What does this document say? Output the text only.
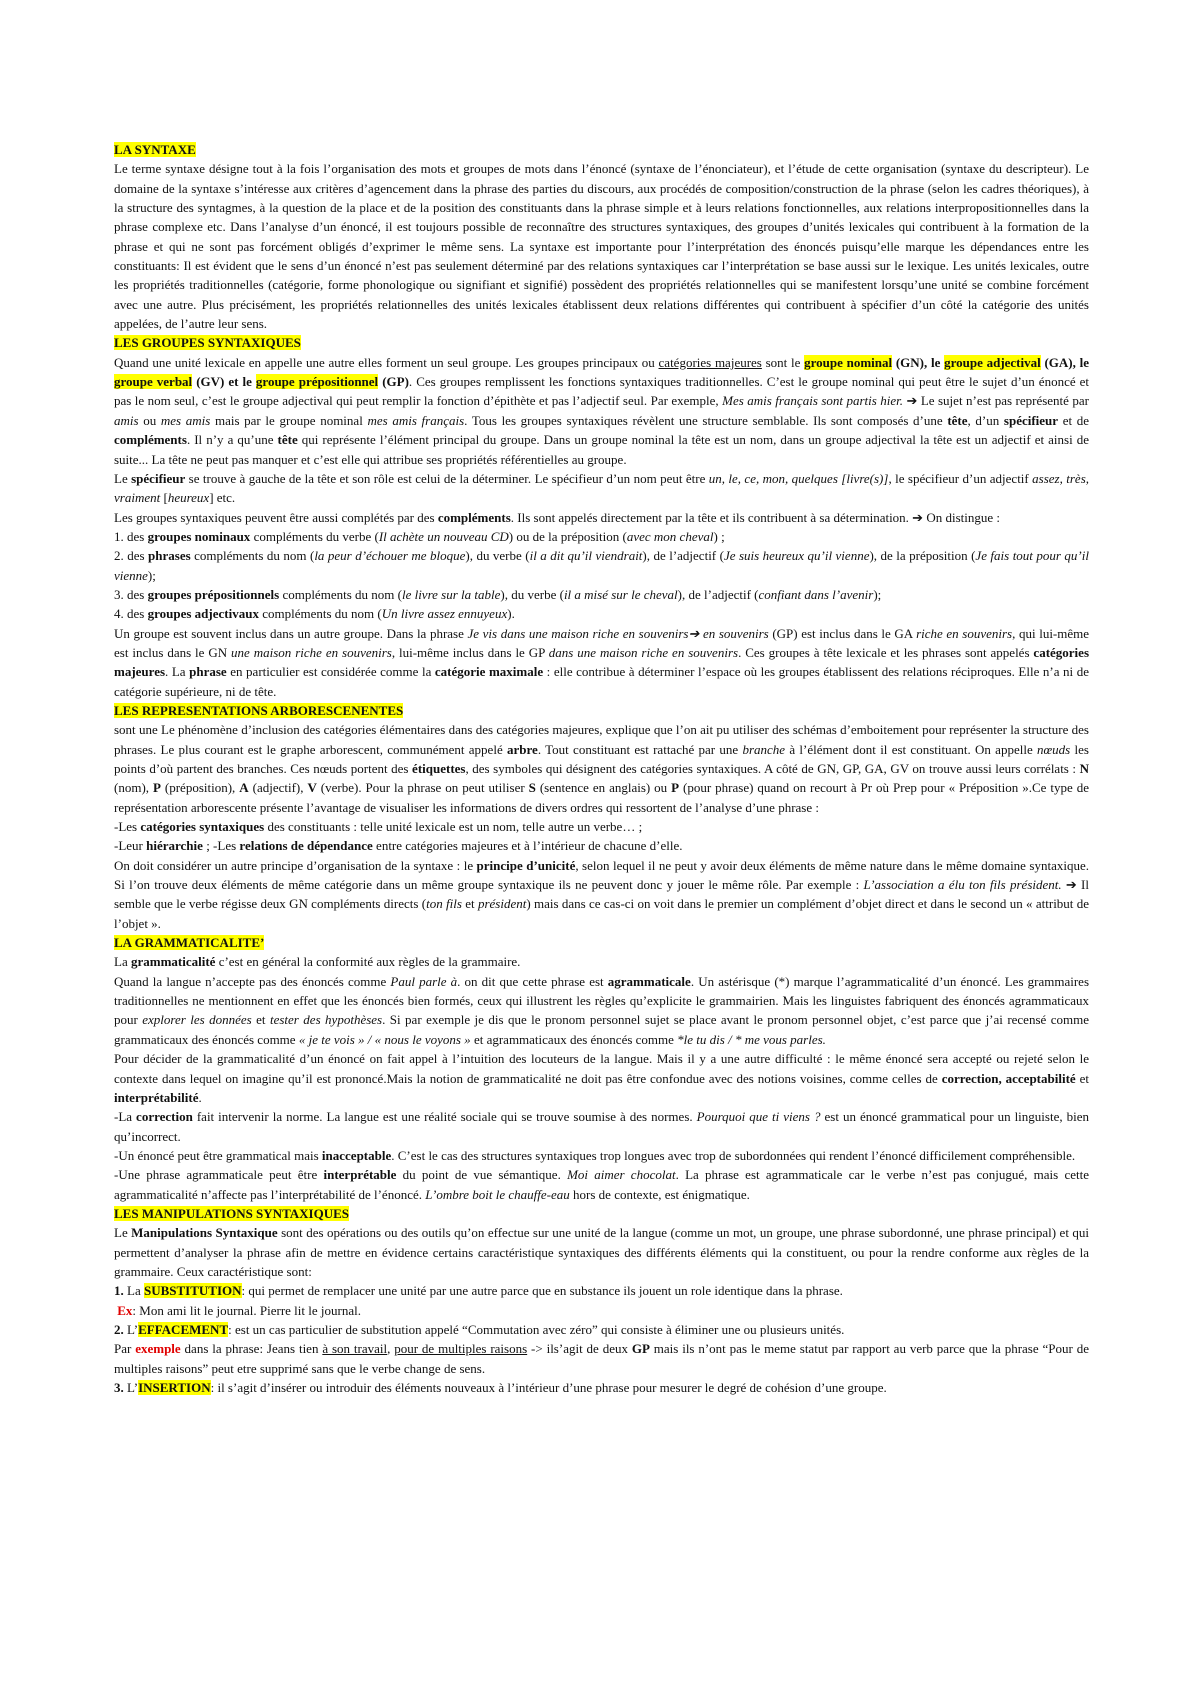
LA SYNTAXE

Le terme syntaxe désigne tout à la fois l’organisation des mots et groupes de mots dans l’énoncé (syntaxe de l’énonciateur), et l’étude de cette organisation (syntaxe du descripteur). Le domaine de la syntaxe s’intéresse aux critères d’agencement dans la phrase des parties du discours, aux procédés de composition/construction de la phrase (selon les cadres théoriques), à la structure des syntagmes, à la question de la place et de la position des constituants dans la phrase simple et à leurs relations fonctionnelles, aux relations interpropositionnelles dans la phrase complexe etc. Dans l’analyse d’un énoncé, il est toujours possible de reconnaître des structures syntaxiques, des groupes d’unités lexicales qui contribuent à la formation de la phrase et qui ne sont pas forcément obligés d’exprimer le même sens. La syntaxe est importante pour l’interprétation des énoncés puisqu’elle marque les dépendances entre les constituants: Il est évident que le sens d’un énoncé n’est pas seulement déterminé par des relations syntaxiques car l’interprétation se base aussi sur le lexique. Les unités lexicales, outre les propriétés traditionnelles (catégorie, forme phonologique ou signifiant et signifié) possèdent des propriétés relationnelles qui se manifestent lorsqu’une unité se combine forcément avec une autre. Plus précisément, les propriétés relationnelles des unités lexicales établissent deux relations différentes qui contribuent à spécifier d’un côté la catégorie des unités appelées, de l’autre leur sens.

LES GROUPES SYNTAXIQUES

Quand une unité lexicale en appelle une autre elles forment un seul groupe. Les groupes principaux ou catégories majeures sont le groupe nominal (GN), le groupe adjectival (GA), le groupe verbal (GV) et le groupe prépositionnel (GP). Ces groupes remplissent les fonctions syntaxiques traditionnelles. C’est le groupe nominal qui peut être le sujet d’un énoncé et pas le nom seul, c’est le groupe adjectival qui peut remplir la fonction d’épithète et pas l’adjectif seul. Par exemple, Mes amis français sont partis hier. ➔ Le sujet n’est pas représenté par amis ou mes amis mais par le groupe nominal mes amis français. Tous les groupes syntaxiques révèlent une structure semblable. Ils sont composés d’une tête, d’un spécifieur et de compléments. Il n’y a qu’une tête qui représente l’élément principal du groupe. Dans un groupe nominal la tête est un nom, dans un groupe adjectival la tête est un adjectif et ainsi de suite... La tête ne peut pas manquer et c’est elle qui attribue ses propriétés référentielles au groupe.

Le spécifieur se trouve à gauche de la tête et son rôle est celui de la déterminer. Le spécifieur d’un nom peut être un, le, ce, mon, quelques [livre(s)], le spécifieur d’un adjectif assez, très, vraiment [heureux] etc.

Les groupes syntaxiques peuvent être aussi complétés par des compléments. Ils sont appelés directement par la tête et ils contribuent à sa détermination. ➔ On distingue :

1. des groupes nominaux compléments du verbe (Il achète un nouveau CD) ou de la préposition (avec mon cheval) ;

2. des phrases compléments du nom (la peur d’échouer me bloque), du verbe (il a dit qu’il viendrait), de l’adjectif (Je suis heureux qu’il vienne), de la préposition (Je fais tout pour qu’il vienne);

3. des groupes prépositionnels compléments du nom (le livre sur la table), du verbe (il a misé sur le cheval), de l’adjectif (confiant dans l’avenir);

4. des groupes adjectivaux compléments du nom (Un livre assez ennuyeux).

Un groupe est souvent inclus dans un autre groupe. Dans la phrase Je vis dans une maison riche en souvenirs➔ en souvenirs (GP) est inclus dans le GA riche en souvenirs, qui lui-même est inclus dans le GN une maison riche en souvenirs, lui-même inclus dans le GP dans une maison riche en souvenirs. Ces groupes à tête lexicale et les phrases sont appelés catégories majeures. La phrase en particulier est considérée comme la catégorie maximale : elle contribue à déterminer l’espace où les groupes établissent des relations réciproques. Elle n’a ni de catégorie supérieure, ni de tête.

LES REPRESENTATIONS ARBORESCENENTES

sont une Le phénomène d’inclusion des catégories élémentaires dans des catégories majeures, explique que l’on ait pu utiliser des schémas d’emboitement pour représenter la structure des phrases. Le plus courant est le graphe arborescent, communément appelé arbre. Tout constituant est rattaché par une branche à l’élément dont il est constituant. On appelle nœuds les points d’où partent des branches. Ces nœuds portent des étiquettes, des symboles qui désignent des catégories syntaxiques. A côté de GN, GP, GA, GV on trouve aussi leurs corrélats : N (nom), P (préposition), A (adjectif), V (verbe). Pour la phrase on peut utiliser S (sentence en anglais) ou P (pour phrase) quand on recourt à Pr où Prep pour « Préposition ».Ce type de représentation arborescente présente l’avantage de visualiser les informations de divers ordres qui ressortent de l’analyse d’une phrase :

-Les catégories syntaxiques des constituants : telle unité lexicale est un nom, telle autre un verbe… ;

-Leur hiérarchie ; -Les relations de dépendance entre catégories majeures et à l’intérieur de chacune d’elle.

On doit considérer un autre principe d’organisation de la syntaxe : le principe d’unicité, selon lequel il ne peut y avoir deux éléments de même nature dans le même domaine syntaxique. Si l’on trouve deux éléments de même catégorie dans un même groupe syntaxique ils ne peuvent donc y jouer le même rôle. Par exemple : L’association a élu ton fils président. ➔ Il semble que le verbe régisse deux GN compléments directs (ton fils et président) mais dans ce cas-ci on voit dans le premier un complément d’objet direct et dans le second un « attribut de l’objet ».

LA GRAMMATICALITE’

La grammaticalité c’est en général la conformité aux règles de la grammaire.

Quand la langue n’accepte pas des énoncés comme Paul parle à. on dit que cette phrase est agrammaticale. Un astérisque (*) marque l’agrammaticalité d’un énoncé. Les grammaires traditionnelles ne mentionnent en effet que les énoncés bien formés, ceux qui illustrent les règles qu’explicite le grammairien. Mais les linguistes fabriquent des énoncés agrammaticaux pour explorer les données et tester des hypothèses. Si par exemple je dis que le pronom personnel sujet se place avant le pronom personnel objet, c’est parce que j’ai recensé comme grammaticaux des énoncés comme « je te vois » / « nous le voyons » et agrammaticaux des énoncés comme *le tu dis / * me vous parles.

Pour décider de la grammaticalité d’un énoncé on fait appel à l’intuition des locuteurs de la langue. Mais il y a une autre difficulté : le même énoncé sera accepté ou rejeté selon le contexte dans lequel on imagine qu’il est prononcé.Mais la notion de grammaticalité ne doit pas être confondue avec des notions voisines, comme celles de correction, acceptabilité et interprétabilité.

-La correction fait intervenir la norme. La langue est une réalité sociale qui se trouve soumise à des normes. Pourquoi que ti viens ? est un énoncé grammatical pour un linguiste, bien qu’incorrect.

-Un énoncé peut être grammatical mais inacceptable. C’est le cas des structures syntaxiques trop longues avec trop de subordonnées qui rendent l’énoncé difficilement compréhensible.

-Une phrase agrammaticale peut être interprétable du point de vue sémantique. Moi aimer chocolat. La phrase est agrammaticale car le verbe n’est pas conjugué, mais cette agrammaticalité n’affecte pas l’interprétabilité de l’énoncé. L’ombre boit le chauffe-eau hors de contexte, est énigmatique.

LES MANIPULATIONS SYNTAXIQUES

Le Manipulations Syntaxique sont des opérations ou des outils qu’on effectue sur une unité de la langue (comme un mot, un groupe, une phrase subordonné, une phrase principal) et qui permettent d’analyser la phrase afin de mettre en évidence certains caractéristique syntaxiques des différents éléments qui la constituent, ou pour la rendre conforme aux règles de la grammaire. Ceux caractéristique sont:

1. La SUBSTITUTION: qui permet de remplacer une unité par une autre parce que en substance ils jouent un role identique dans la phrase.

Ex: Mon ami lit le journal. Pierre lit le journal.

2. L’EFFACEMENT: est un cas particulier de substitution appelé “Commutation avec zéro” qui consiste à éliminer une ou plusieurs unités.

Par exemple dans la phrase: Jeans tien à son travail, pour de multiples raisons -> ils’agit de deux GP mais ils n’ont pas le meme statut par rapport au verb parce que la phrase “Pour de multiples raisons” peut etre supprimé sans que le verbe change de sens.

3. L’INSERTION: il s’agit d’insérer ou introduir des éléments nouveaux à l’intérieur d’une phrase pour mesurer le degré de cohésion d’une groupe.
